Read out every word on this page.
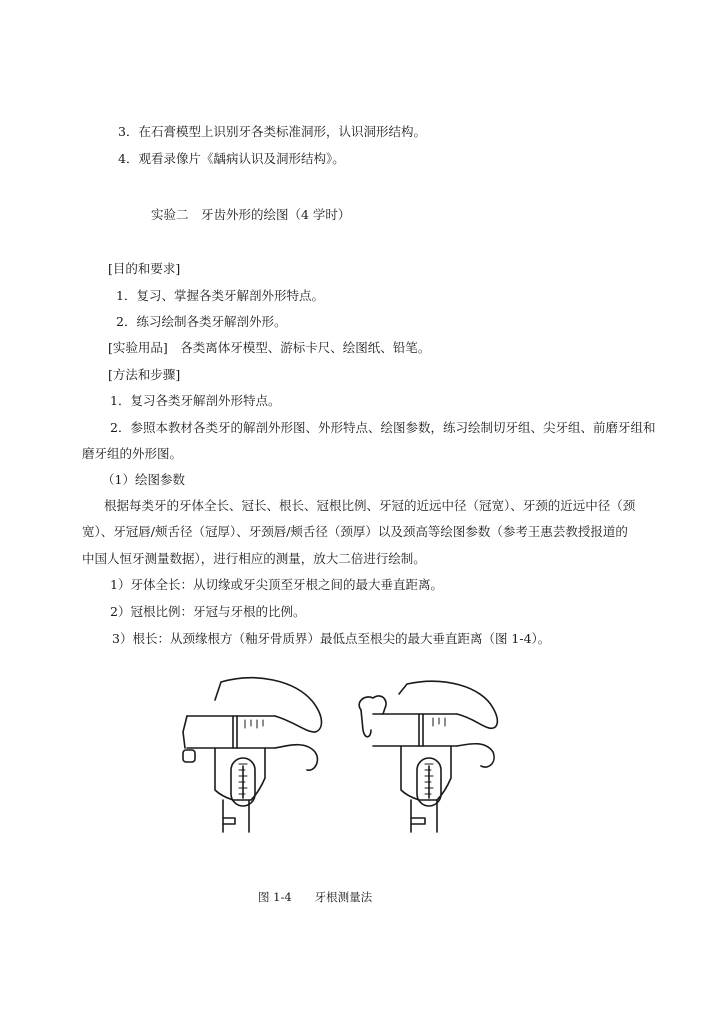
3．在石膏模型上识别牙各类标准洞形，认识洞形结构。
4．观看录像片《龋病认识及洞形结构》。
实验二　牙齿外形的绘图（4 学时）
[目的和要求]
1．复习、掌握各类牙解剖外形特点。
2．练习绘制各类牙解剖外形。
[实验用品]　各类离体牙模型、游标卡尺、绘图纸、铅笔。
[方法和步骤]
1．复习各类牙解剖外形特点。
2．参照本教材各类牙的解剖外形图、外形特点、绘图参数，练习绘制切牙组、尖牙组、前磨牙组和
磨牙组的外形图。
（1）绘图参数
根据每类牙的牙体全长、冠长、根长、冠根比例、牙冠的近远中径（冠宽）、牙颈的近远中径（颈
宽）、牙冠唇/颊舌径（冠厚）、牙颈唇/颊舌径（颈厚）以及颈高等绘图参数（参考王惠芸教授报道的
中国人恒牙测量数据），进行相应的测量，放大二倍进行绘制。
1）牙体全长：从切缘或牙尖顶至牙根之间的最大垂直距离。
2）冠根比例：牙冠与牙根的比例。
3）根长：从颈缘根方（釉牙骨质界）最低点至根尖的最大垂直距离（图 1-4）。
图 1-4　　牙根测量法
